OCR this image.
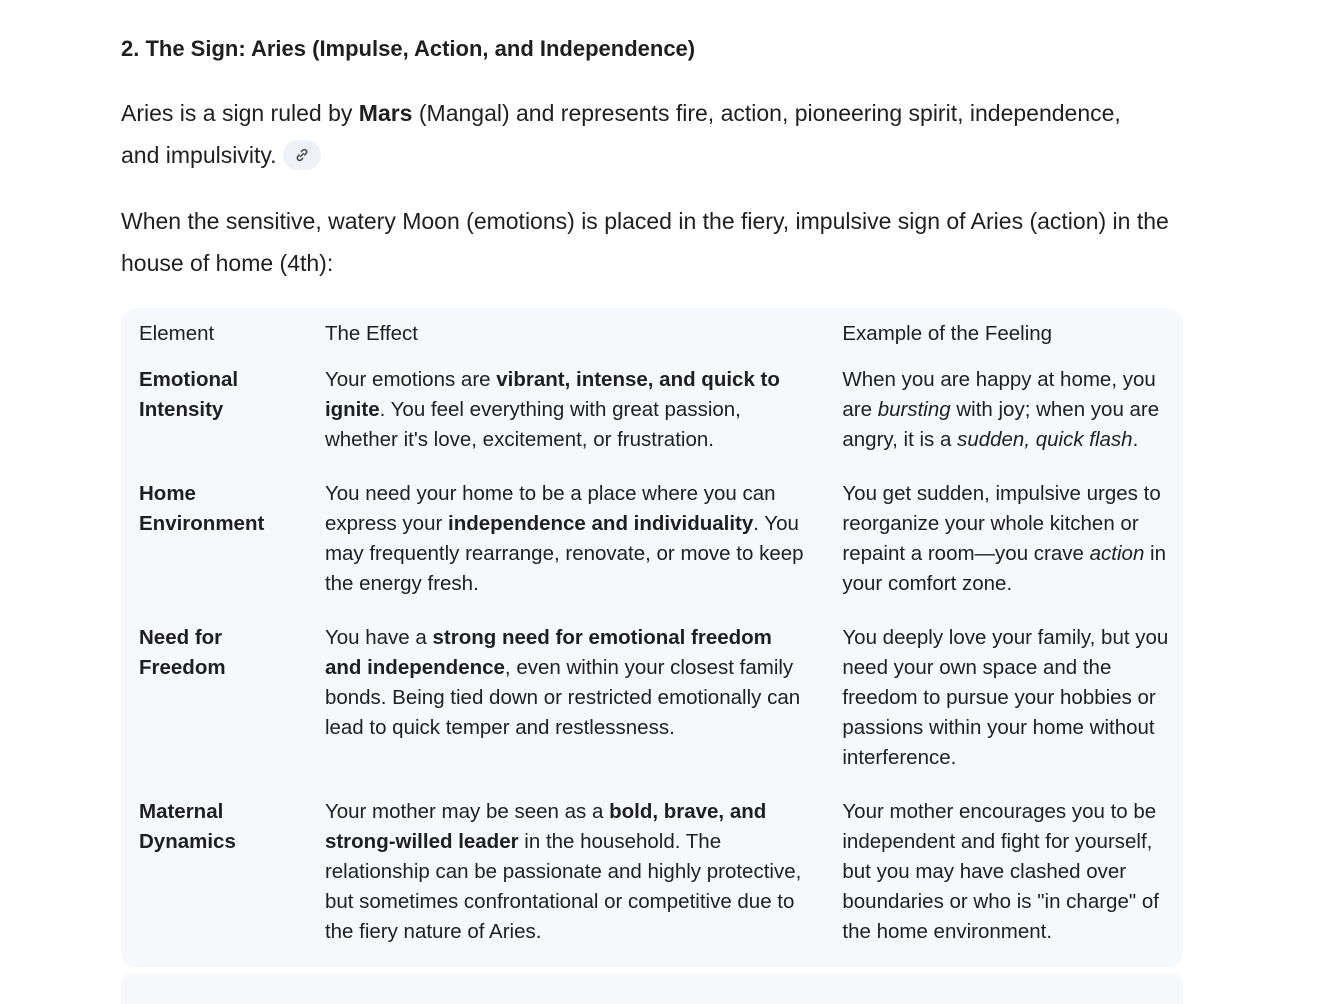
2. The Sign: Aries (Impulse, Action, and Independence)

Aries is a sign ruled by Mars (Mangal) and represents fire, action, pioneering spirit, independence, and impulsivity.

When the sensitive, watery Moon (emotions) is placed in the fiery, impulsive sign of Aries (action) in the house of home (4th):

Element	The Effect	Example of the Feeling
Emotional Intensity	Your emotions are vibrant, intense, and quick to ignite. You feel everything with great passion, whether it's love, excitement, or frustration.	When you are happy at home, you are bursting with joy; when you are angry, it is a sudden, quick flash.
Home Environment	You need your home to be a place where you can express your independence and individuality. You may frequently rearrange, renovate, or move to keep the energy fresh.	You get sudden, impulsive urges to reorganize your whole kitchen or repaint a room—you crave action in your comfort zone.
Need for Freedom	You have a strong need for emotional freedom and independence, even within your closest family bonds. Being tied down or restricted emotionally can lead to quick temper and restlessness.	You deeply love your family, but you need your own space and the freedom to pursue your hobbies or passions within your home without interference.
Maternal Dynamics	Your mother may be seen as a bold, brave, and strong-willed leader in the household. The relationship can be passionate and highly protective, but sometimes confrontational or competitive due to the fiery nature of Aries.	Your mother encourages you to be independent and fight for yourself, but you may have clashed over boundaries or who is "in charge" of the home environment.
